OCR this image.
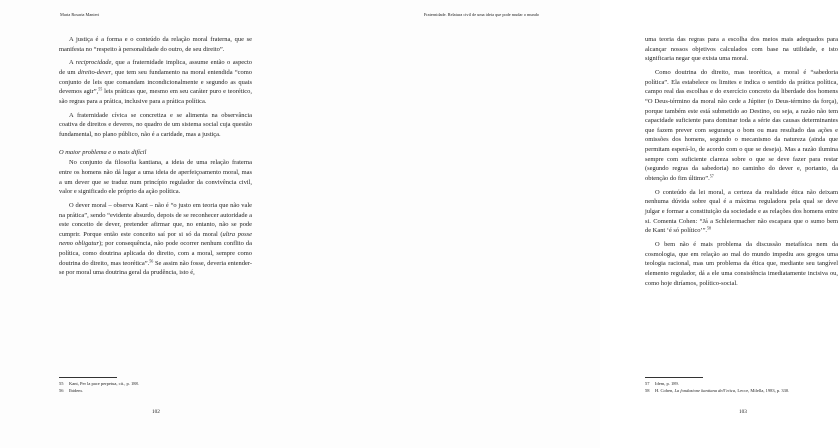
Maria Rosaria Manieri

A justiça é a forma e o conteúdo da relação moral fraterna, que se manifesta no “respeito à personalidade do outro, de seu direito”.

A reciprocidade, que a fraternidade implica, assume então o aspecto de um direito-dever, que tem seu fundamento na moral entendida “como conjunto de leis que comandam incondicionalmente e segundo as quais devemos agir”,$^{55}$ leis práticas que, mesmo em seu caráter puro e teorético, são regras para a prática, inclusive para a prática política.

A fraternidade cívica se concretiza e se alimenta na observância coativa de direitos e deveres, no quadro de um sistema social cuja questão fundamental, no plano público, não é a caridade, mas a justiça.

O maior problema e o mais difícil

No conjunto da filosofia kantiana, a ideia de uma relação fraterna entre os homens não dá lugar a uma ideia de aperfeiçoamento moral, mas a um dever que se traduz num princípio regulador da convivência civil, valor e significado ele próprio da ação política.

O dever moral – observa Kant – não é “o justo em teoria que não vale na prática”, sendo “evidente absurdo, depois de se reconhecer autoridade a este conceito de dever, pretender afirmar que, no entanto, não se pode cumprir. Porque então este conceito saí por si só da moral (ultra posse nemo obligatur); por consequência, não pode ocorrer nenhum conflito da política, como doutrina aplicada do direito, com a moral, sempre como doutrina do direito, mas teorética”.$^{56}$ Se assim não fosse, deveria entender-se por moral uma doutrina geral da prudência, isto é,

55 Kant, Per la pace perpetua, cit., p. 188.
56 Ibidem.
102
Fraternidade. Relatura civil de uma ideia que pode mudar o mundo

uma teoria das regras para a escolha dos meios mais adequados para alcançar nossos objetivos calculados com base na utilidade, e isto significaria negar que exista uma moral.

Como doutrina do direito, mas teorética, a moral é “sabedoria política”. Ela estabelece os limites e indica o sentido da prática política, campo real das escolhas e do exercício concreto da liberdade dos homens “O Deus-término da moral não cede a Júpiter (o Deus-término da força), porque também este está submetido ao Destino, ou seja, a razão não tem capacidade suficiente para dominar toda a série das causas determinantes que fazem prever com segurança o bom ou mau resultado das ações e omissões dos homens, segundo o mecanismo da natureza (ainda que permitam esperá-lo, de acordo com o que se deseja). Mas a razão ilumina sempre com suficiente clareza sobre o que se deve fazer para restar (segundo regras da sabedoria) no caminho do dever e, portanto, da obtenção do fim último”.$^{57}$

O conteúdo da lei moral, a certeza da realidade ética não deixam nenhuma dúvida sobre qual é a máxima reguladora pela qual se deve julgar e formar a constituição da sociedade e as relações dos homens entre si. Comenta Cohen: “Já a Schleiermacher não escapara que o sumo bem de Kant ‘é só político’”.$^{58}$

O bem não é mais problema da discussão metafísica nem da cosmologia, que em relação ao mal do mundo impediu aos gregos uma teologia racional, mas um problema da ética que, mediante seu tangível elemento regulador, dá a ele uma consistência imediatamente incisiva ou, como hoje diríamos, político-social.

57 Idem, p. 189.
58 H. Cohen, La fondazione kantiana dell’etica, Lecce, Milella, 1983, p. 330.
103
